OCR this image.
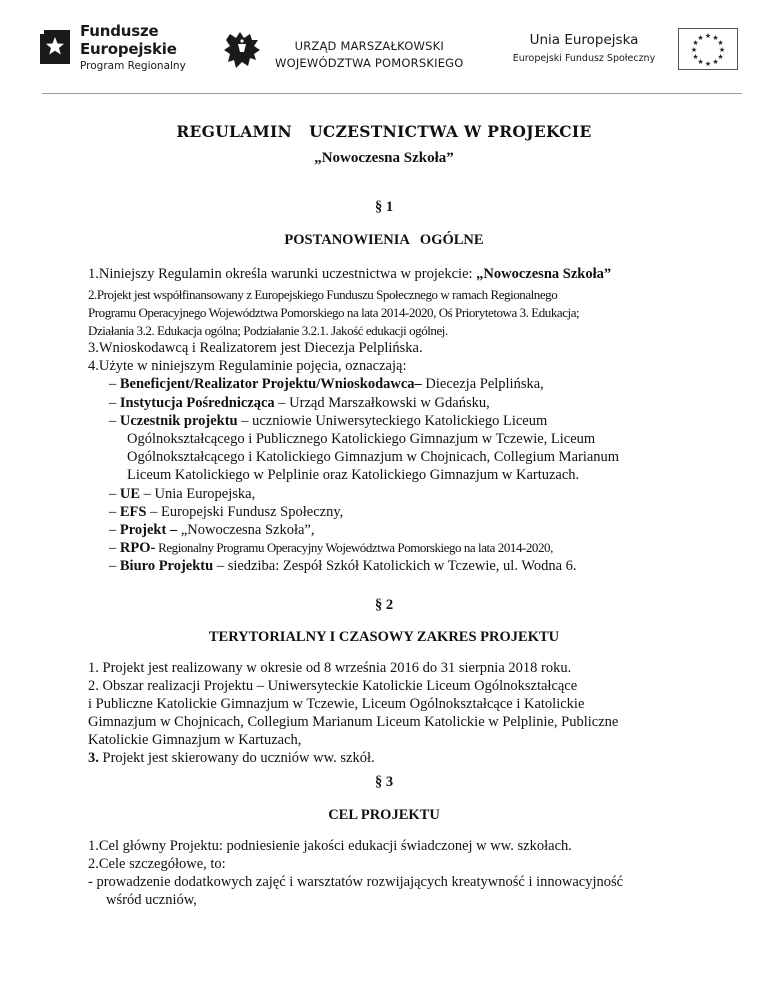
Fundusze
Europejskie
Program Regionalny
URZĄD MARSZAŁKOWSKI
WOJEWÓDZTWA POMORSKIEGO
Unia Europejska
Europejski Fundusz Społeczny
★ ★
★
★
★
★
★
★
★
★
★
★
REGULAMIN   UCZESTNICTWA W PROJEKCIE
„Nowoczesna Szkoła”
§ 1
POSTANOWIENIA   OGÓLNE
1.Niniejszy Regulamin określa warunki uczestnictwa w projekcie: „Nowoczesna Szkoła”
2.Projekt jest współfinansowany z Europejskiego Funduszu Społecznego w ramach Regionalnego
Programu Operacyjnego Województwa Pomorskiego na lata 2014-2020, Oś Priorytetowa 3. Edukacja;
Działania 3.2. Edukacja ogólna; Podziałanie 3.2.1. Jakość edukacji ogólnej.
3.Wnioskodawcą i Realizatorem jest Diecezja Pelplińska.
4.Użyte w niniejszym Regulaminie pojęcia, oznaczają:
– Beneficjent/Realizator Projektu/Wnioskodawca– Diecezja Pelplińska,
– Instytucja Pośrednicząca – Urząd Marszałkowski w Gdańsku,
– Uczestnik projektu – uczniowie Uniwersyteckiego Katolickiego Liceum
Ogólnokształcącego i Publicznego Katolickiego Gimnazjum w Tczewie, Liceum
Ogólnokształcącego i Katolickiego Gimnazjum w Chojnicach, Collegium Marianum
Liceum Katolickiego w Pelplinie oraz Katolickiego Gimnazjum w Kartuzach.
– UE – Unia Europejska,
– EFS – Europejski Fundusz Społeczny,
– Projekt – „Nowoczesna Szkoła”,
– RPO- Regionalny Programu Operacyjny Województwa Pomorskiego na lata 2014-2020,
– Biuro Projektu – siedziba: Zespół Szkół Katolickich w Tczewie, ul. Wodna 6.
§ 2
TERYTORIALNY I CZASOWY ZAKRES PROJEKTU
1. Projekt jest realizowany w okresie od 8 września 2016 do 31 sierpnia 2018 roku.
2. Obszar realizacji Projektu – Uniwersyteckie Katolickie Liceum Ogólnokształcące
i Publiczne Katolickie Gimnazjum w Tczewie, Liceum Ogólnokształcące i Katolickie
Gimnazjum w Chojnicach, Collegium Marianum Liceum Katolickie w Pelplinie, Publiczne
Katolickie Gimnazjum w Kartuzach,
3. Projekt jest skierowany do uczniów ww. szkół.
§ 3
CEL PROJEKTU
1.Cel główny Projektu: podniesienie jakości edukacji świadczonej w ww. szkołach.
2.Cele szczegółowe, to:
- prowadzenie dodatkowych zajęć i warsztatów rozwijających kreatywność i innowacyjność
wśród uczniów,
